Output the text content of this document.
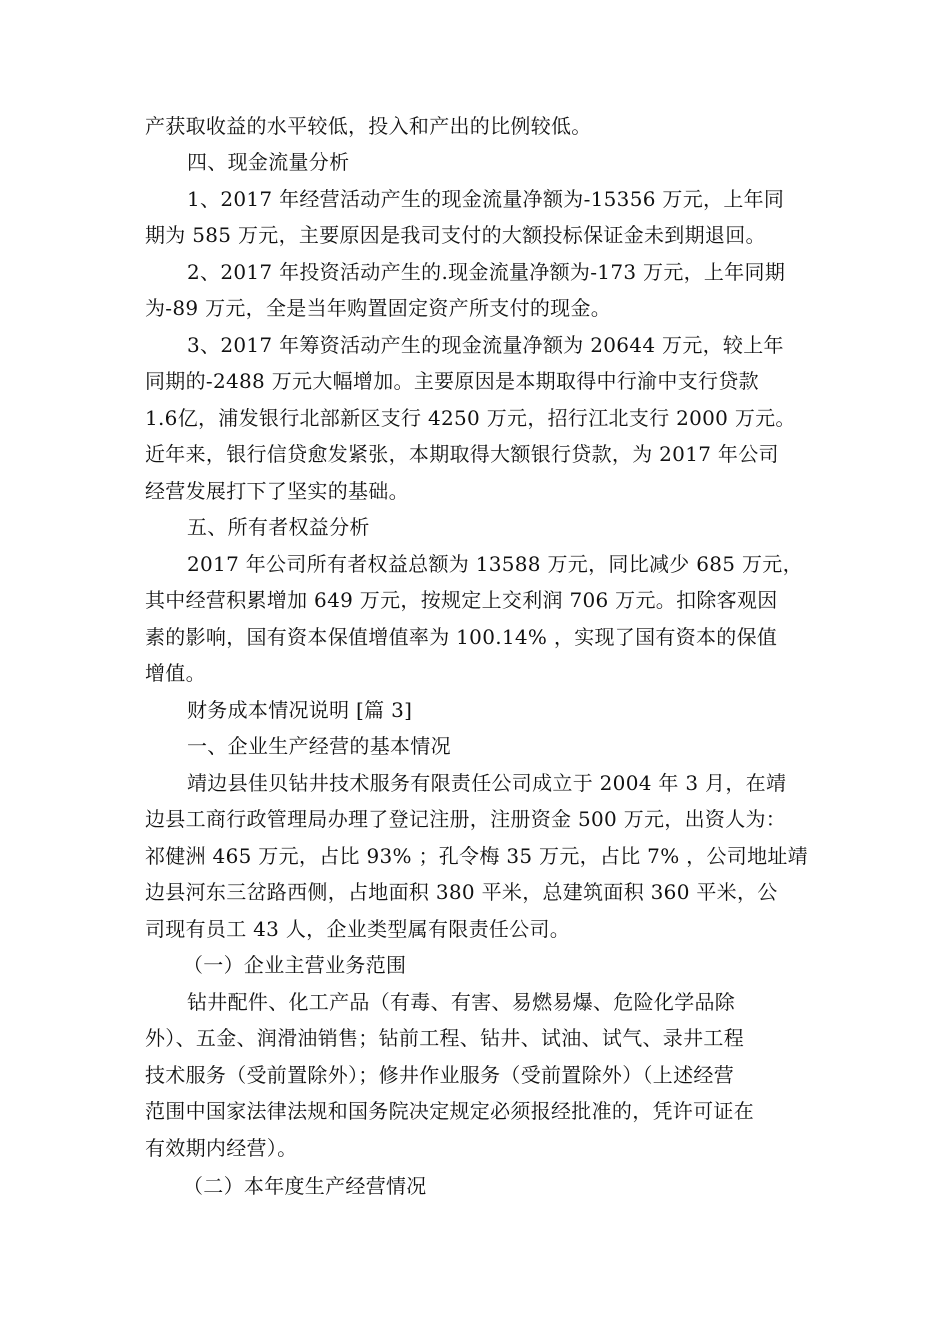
产获取收益的水平较低，投入和产出的比例较低。
四、现金流量分析
1、2017 年经营活动产生的现金流量净额为-15356 万元，上年同
期为 585 万元，主要原因是我司支付的大额投标保证金未到期退回。
2、2017 年投资活动产生的.现金流量净额为-173 万元，上年同期
为-89 万元，全是当年购置固定资产所支付的现金。
3、2017 年筹资活动产生的现金流量净额为 20644 万元，较上年
同期的-2488 万元大幅增加。主要原因是本期取得中行渝中支行贷款
1.6亿，浦发银行北部新区支行 4250 万元，招行江北支行 2000 万元。
近年来，银行信贷愈发紧张，本期取得大额银行贷款，为 2017 年公司
经营发展打下了坚实的基础。
五、所有者权益分析
2017 年公司所有者权益总额为 13588 万元，同比减少 685 万元，
其中经营积累增加 649 万元，按规定上交利润 706 万元。扣除客观因
素的影响，国有资本保值增值率为 100.14% ，实现了国有资本的保值
增值。
财务成本情况说明 [篇 3]
一、企业生产经营的基本情况
靖边县佳贝钻井技术服务有限责任公司成立于 2004 年 3 月，在靖
边县工商行政管理局办理了登记注册，注册资金 500 万元，出资人为：
祁健洲 465 万元，占比 93% ；孔令梅 35 万元，占比 7% ，公司地址靖
边县河东三岔路西侧，占地面积 380 平米，总建筑面积 360 平米，公
司现有员工 43 人，企业类型属有限责任公司。
（一）企业主营业务范围
钻井配件、化工产品（有毒、有害、易燃易爆、危险化学品除
外）、五金、润滑油销售；钻前工程、钻井、试油、试气、录井工程
技术服务（受前置除外）；修井作业服务（受前置除外）（上述经营
范围中国家法律法规和国务院决定规定必须报经批准的，凭许可证在
有效期内经营）。
（二）本年度生产经营情况
